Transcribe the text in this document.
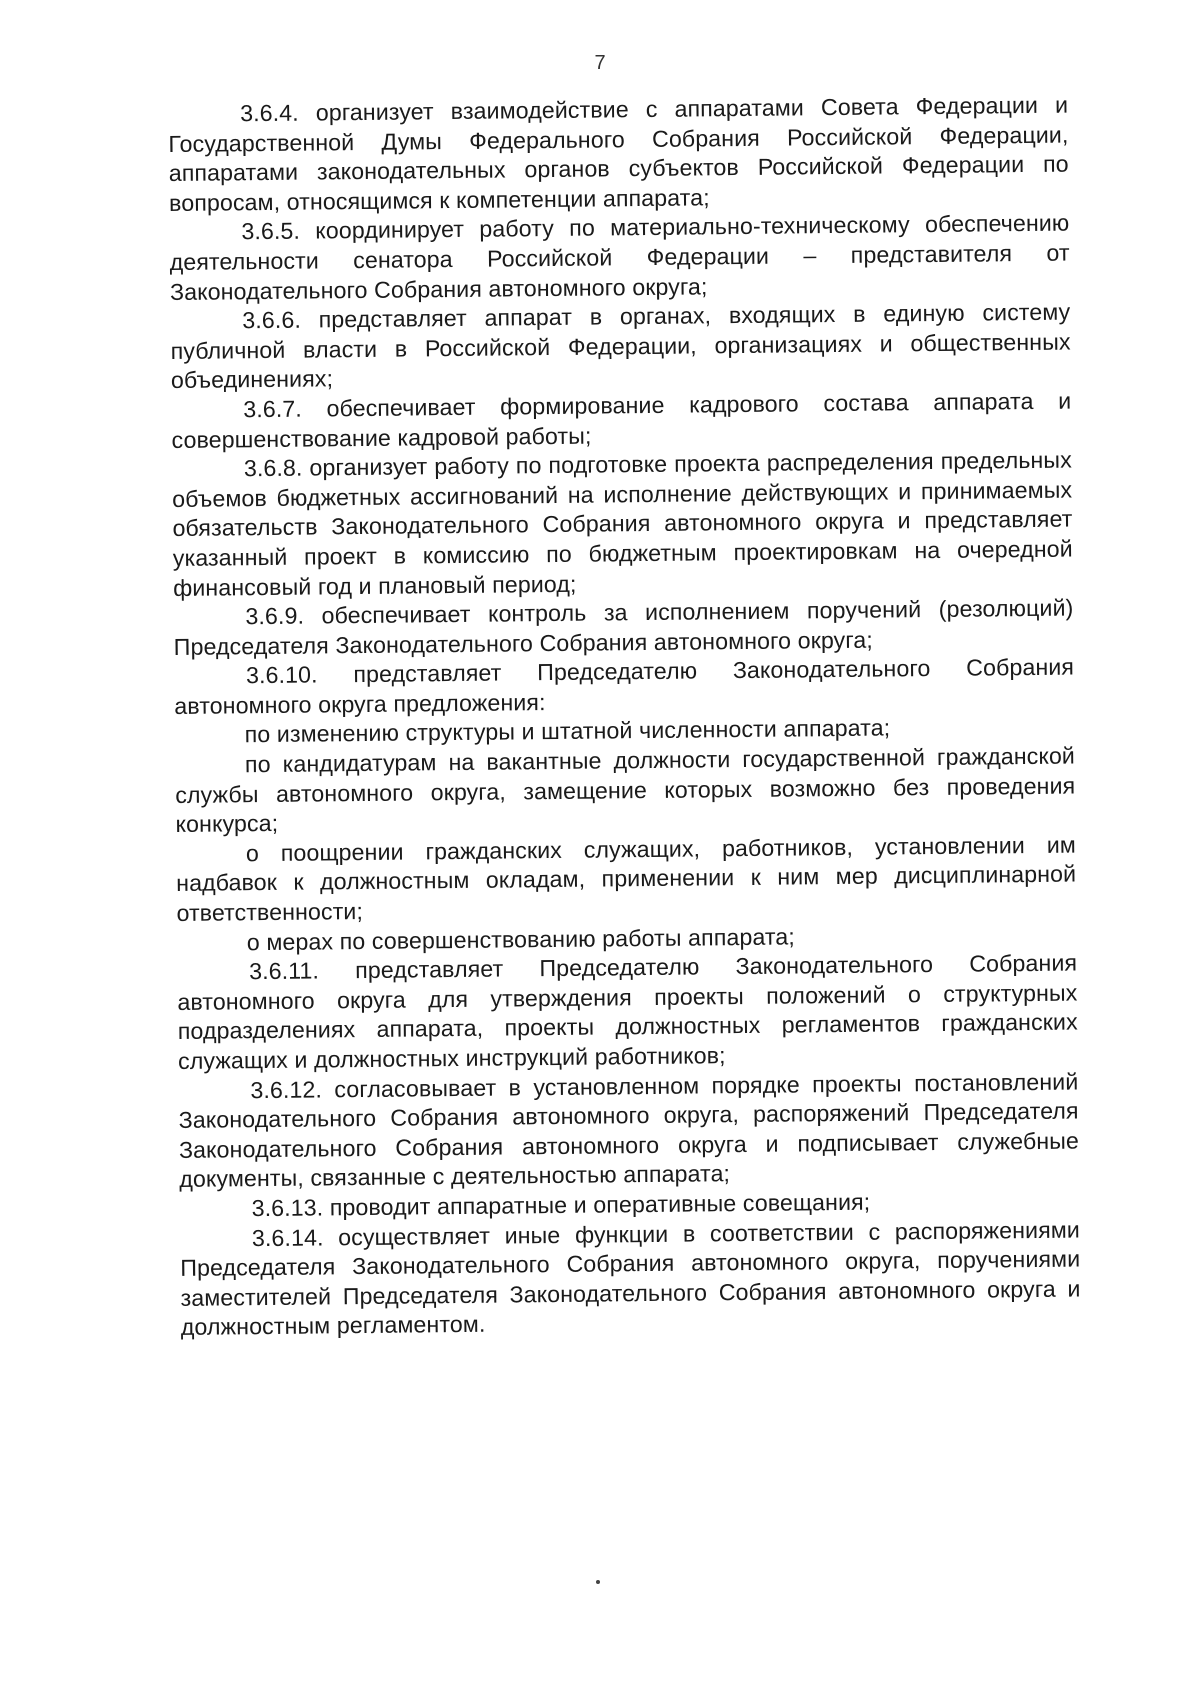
7

3.6.4. организует взаимодействие с аппаратами Совета Федерации и Государственной Думы Федерального Собрания Российской Федерации, аппаратами законодательных органов субъектов Российской Федерации по вопросам, относящимся к компетенции аппарата;

3.6.5. координирует работу по материально-техническому обеспечению деятельности сенатора Российской Федерации – представителя от Законодательного Собрания автономного округа;

3.6.6. представляет аппарат в органах, входящих в единую систему публичной власти в Российской Федерации, организациях и общественных объединениях;

3.6.7. обеспечивает формирование кадрового состава аппарата и совершенствование кадровой работы;

3.6.8. организует работу по подготовке проекта распределения предельных объемов бюджетных ассигнований на исполнение действующих и принимаемых обязательств Законодательного Собрания автономного округа и представляет указанный проект в комиссию по бюджетным проектировкам на очередной финансовый год и плановый период;

3.6.9. обеспечивает контроль за исполнением поручений (резолюций) Председателя Законодательного Собрания автономного округа;

3.6.10. представляет Председателю Законодательного Собрания автономного округа предложения:

по изменению структуры и штатной численности аппарата;

по кандидатурам на вакантные должности государственной гражданской службы автономного округа, замещение которых возможно без проведения конкурса;

о поощрении гражданских служащих, работников, установлении им надбавок к должностным окладам, применении к ним мер дисциплинарной ответственности;

о мерах по совершенствованию работы аппарата;

3.6.11. представляет Председателю Законодательного Собрания автономного округа для утверждения проекты положений о структурных подразделениях аппарата, проекты должностных регламентов гражданских служащих и должностных инструкций работников;

3.6.12. согласовывает в установленном порядке проекты постановлений Законодательного Собрания автономного округа, распоряжений Председателя Законодательного Собрания автономного округа и подписывает служебные документы, связанные с деятельностью аппарата;

3.6.13. проводит аппаратные и оперативные совещания;

3.6.14. осуществляет иные функции в соответствии с распоряжениями Председателя Законодательного Собрания автономного округа, поручениями заместителей Председателя Законодательного Собрания автономного округа и должностным регламентом.
